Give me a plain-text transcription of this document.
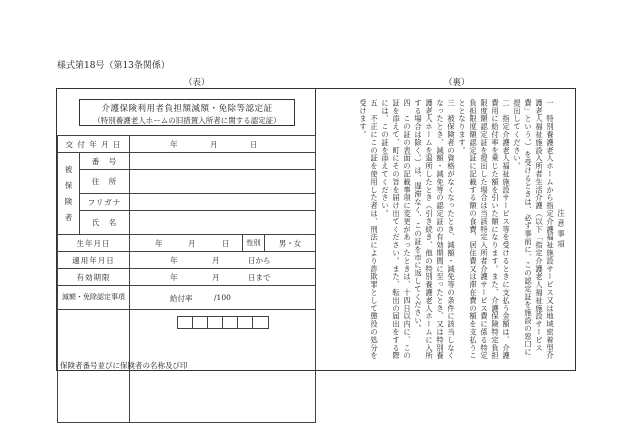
様式第18号（第13条関係）
（表）	（裏）
介護保険利用者負担額減額・免除等認定証
（特別養護老人ホームの旧措置入所者に関する認定証）
交 付 年 月 日		年 月 日		

被保険者	番　号			
	住　所			
	フリガナ			
	氏　名			
生年月日		年 月 日	性別	男・女
適用年月日		年 月 日から		

有効期限		年 月 日まで		

減額・免除認定事項		給付率 /100		

保険者番号並びに保険者の名称及び印				

注意事項

一　特別養護老人ホームから指定介護福祉施設サービス又は地域密着型介護老人福祉施設入所者生活介護（以下「指定介護老人福祉施設サービス費」という。）を受けるときは、必ず事前に、この認定証を施設の窓口に提出してください。

二　指定介護老人福祉施設サービス等を受けるときに支払う金額は、介護費用に給付率を乗じた額を引いた額になります。また、介護保険特定負担限度額認定証を提出した場合は当該特定入所者介護サービス費に係る特定負担限度額認定証に記載する額の食費、居住費又は滞在費の額を支払うこととなります。

三　被保険者の資格がなくなったとき、減額・減免等の条件に該当しなくなったとき、減額・減免等の認定証の有効期間に至ったとき、又は特別養護老人ホームを退所したとき（引き続き、他の特別養護老人ホームに入所する場合は除く。）は、遅滞なく、この証を市に返してください。

四　この証の表面の記載事項に変更があったときは、十四日以内に、この証を添えて、町にその旨を届け出てください。また、転出の届出をする際には、この証を添えてください。

五　不正にこの証を使用した者は、刑法により詐欺罪として懲役の処分を受けます。
